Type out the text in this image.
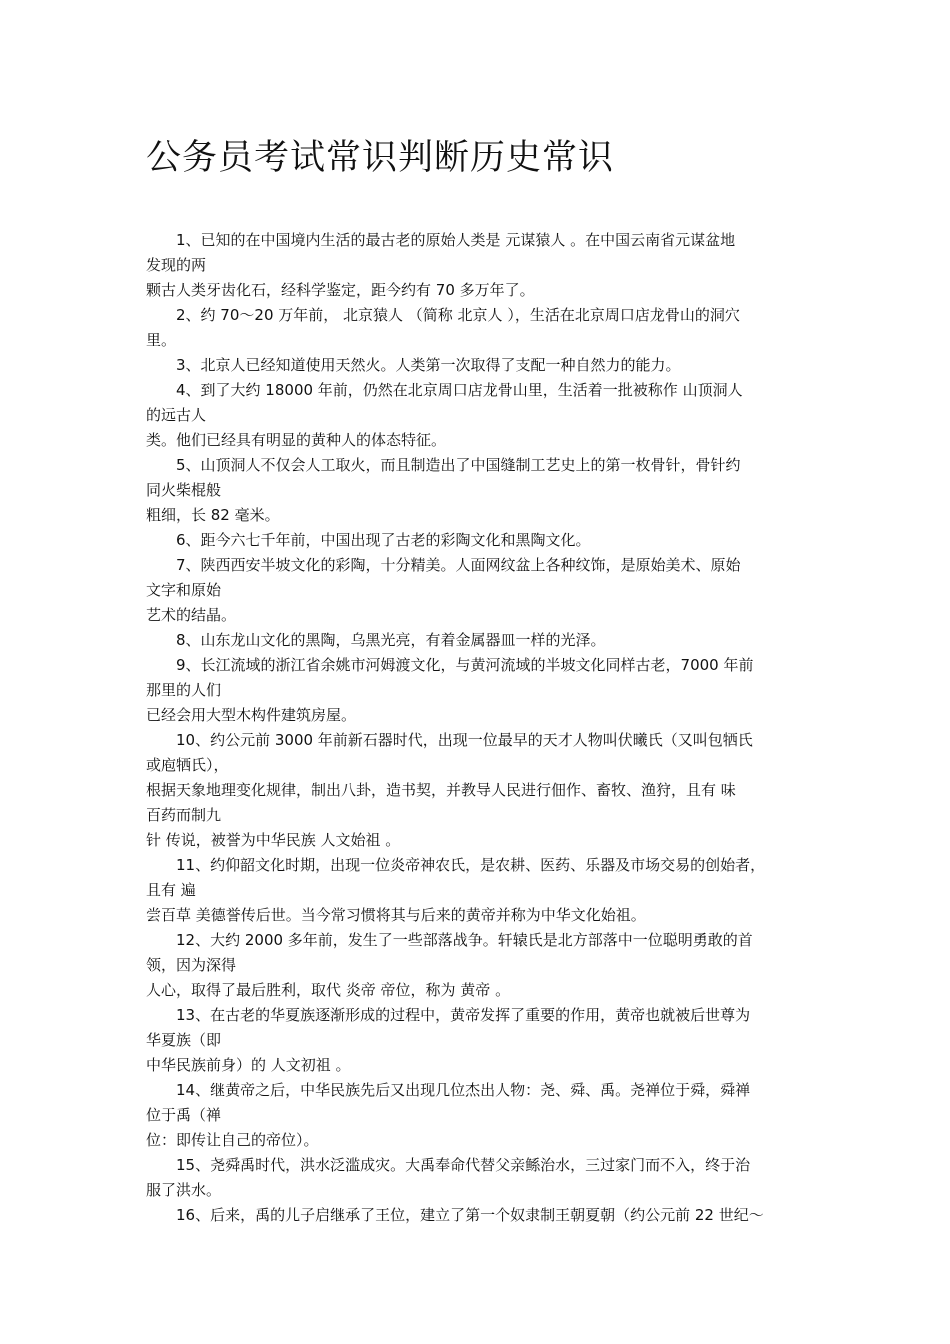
公务员考试常识判断历史常识

1、已知的在中国境内生活的最古老的原始人类是 元谋猿人 。在中国云南省元谋盆地
发现的两
颗古人类牙齿化石，经科学鉴定，距今约有 70 多万年了。

2、约 70～20 万年前， 北京猿人 （简称 北京人 ），生活在北京周口店龙骨山的洞穴
里。

3、北京人已经知道使用天然火。人类第一次取得了支配一种自然力的能力。

4、到了大约 18000 年前，仍然在北京周口店龙骨山里，生活着一批被称作 山顶洞人
的远古人
类。他们已经具有明显的黄种人的体态特征。

5、山顶洞人不仅会人工取火，而且制造出了中国缝制工艺史上的第一枚骨针，骨针约
同火柴棍般
粗细，长 82 毫米。

6、距今六七千年前，中国出现了古老的彩陶文化和黑陶文化。

7、陕西西安半坡文化的彩陶，十分精美。人面网纹盆上各种纹饰，是原始美术、原始
文字和原始
艺术的结晶。

8、山东龙山文化的黑陶，乌黑光亮，有着金属器皿一样的光泽。

9、长江流域的浙江省余姚市河姆渡文化，与黄河流域的半坡文化同样古老，7000 年前
那里的人们
已经会用大型木构件建筑房屋。

10、约公元前 3000 年前新石器时代，出现一位最早的天才人物叫伏曦氏（又叫包牺氏
或庖牺氏），
根据天象地理变化规律，制出八卦，造书契，并教导人民进行佃作、畜牧、渔狩，且有 味
百药而制九
针 传说，被誉为中华民族 人文始祖 。

11、约仰韶文化时期，出现一位炎帝神农氏，是农耕、医药、乐器及市场交易的创始者，
且有 遍
尝百草 美德誉传后世。当今常习惯将其与后来的黄帝并称为中华文化始祖。

12、大约 2000 多年前，发生了一些部落战争。轩辕氏是北方部落中一位聪明勇敢的首
领，因为深得
人心，取得了最后胜利，取代 炎帝 帝位，称为 黄帝 。

13、在古老的华夏族逐渐形成的过程中，黄帝发挥了重要的作用，黄帝也就被后世尊为
华夏族（即
中华民族前身）的 人文初祖 。

14、继黄帝之后，中华民族先后又出现几位杰出人物：尧、舜、禹。尧禅位于舜，舜禅
位于禹（禅
位：即传让自己的帝位）。

15、尧舜禹时代，洪水泛滥成灾。大禹奉命代替父亲鲧治水，三过家门而不入，终于治
服了洪水。

16、后来，禹的儿子启继承了王位，建立了第一个奴隶制王朝夏朝（约公元前 22 世纪～
